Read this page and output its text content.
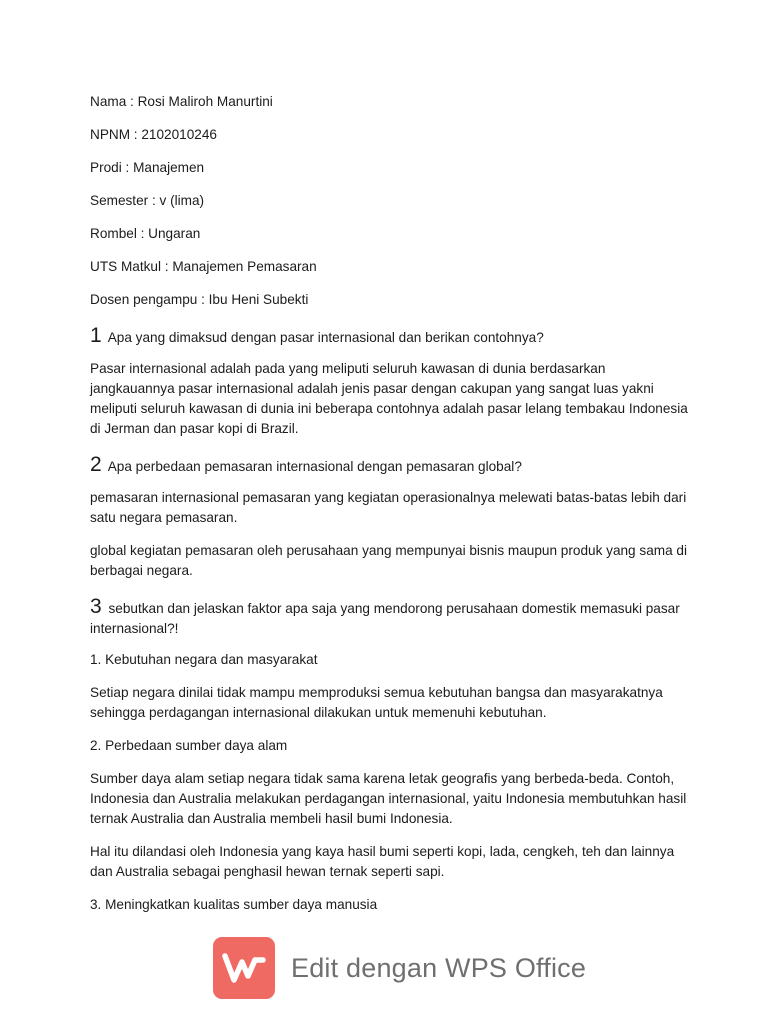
Nama : Rosi Maliroh Manurtini

NPNM : 2102010246

Prodi : Manajemen

Semester : v (lima)

Rombel : Ungaran

UTS Matkul : Manajemen Pemasaran

Dosen pengampu : Ibu Heni Subekti

1 Apa yang dimaksud dengan pasar internasional dan berikan contohnya?

Pasar internasional adalah pada yang meliputi seluruh kawasan di dunia berdasarkan jangkauannya pasar internasional adalah jenis pasar dengan cakupan yang sangat luas yakni meliputi seluruh kawasan di dunia ini beberapa contohnya adalah pasar lelang tembakau Indonesia di Jerman dan pasar kopi di Brazil.

2 Apa perbedaan pemasaran internasional dengan pemasaran global?

pemasaran internasional pemasaran yang kegiatan operasionalnya melewati batas-batas lebih dari satu negara pemasaran.

global kegiatan pemasaran oleh perusahaan yang mempunyai bisnis maupun produk yang sama di berbagai negara.

3 sebutkan dan jelaskan faktor apa saja yang mendorong perusahaan domestik memasuki pasar internasional?!

1. Kebutuhan negara dan masyarakat

Setiap negara dinilai tidak mampu memproduksi semua kebutuhan bangsa dan masyarakatnya sehingga perdagangan internasional dilakukan untuk memenuhi kebutuhan.

2. Perbedaan sumber daya alam

Sumber daya alam setiap negara tidak sama karena letak geografis yang berbeda-beda. Contoh, Indonesia dan Australia melakukan perdagangan internasional, yaitu Indonesia membutuhkan hasil ternak Australia dan Australia membeli hasil bumi Indonesia.

Hal itu dilandasi oleh Indonesia yang kaya hasil bumi seperti kopi, lada, cengkeh, teh dan lainnya dan Australia sebagai penghasil hewan ternak seperti sapi.

3. Meningkatkan kualitas sumber daya manusia

Edit dengan WPS Office
